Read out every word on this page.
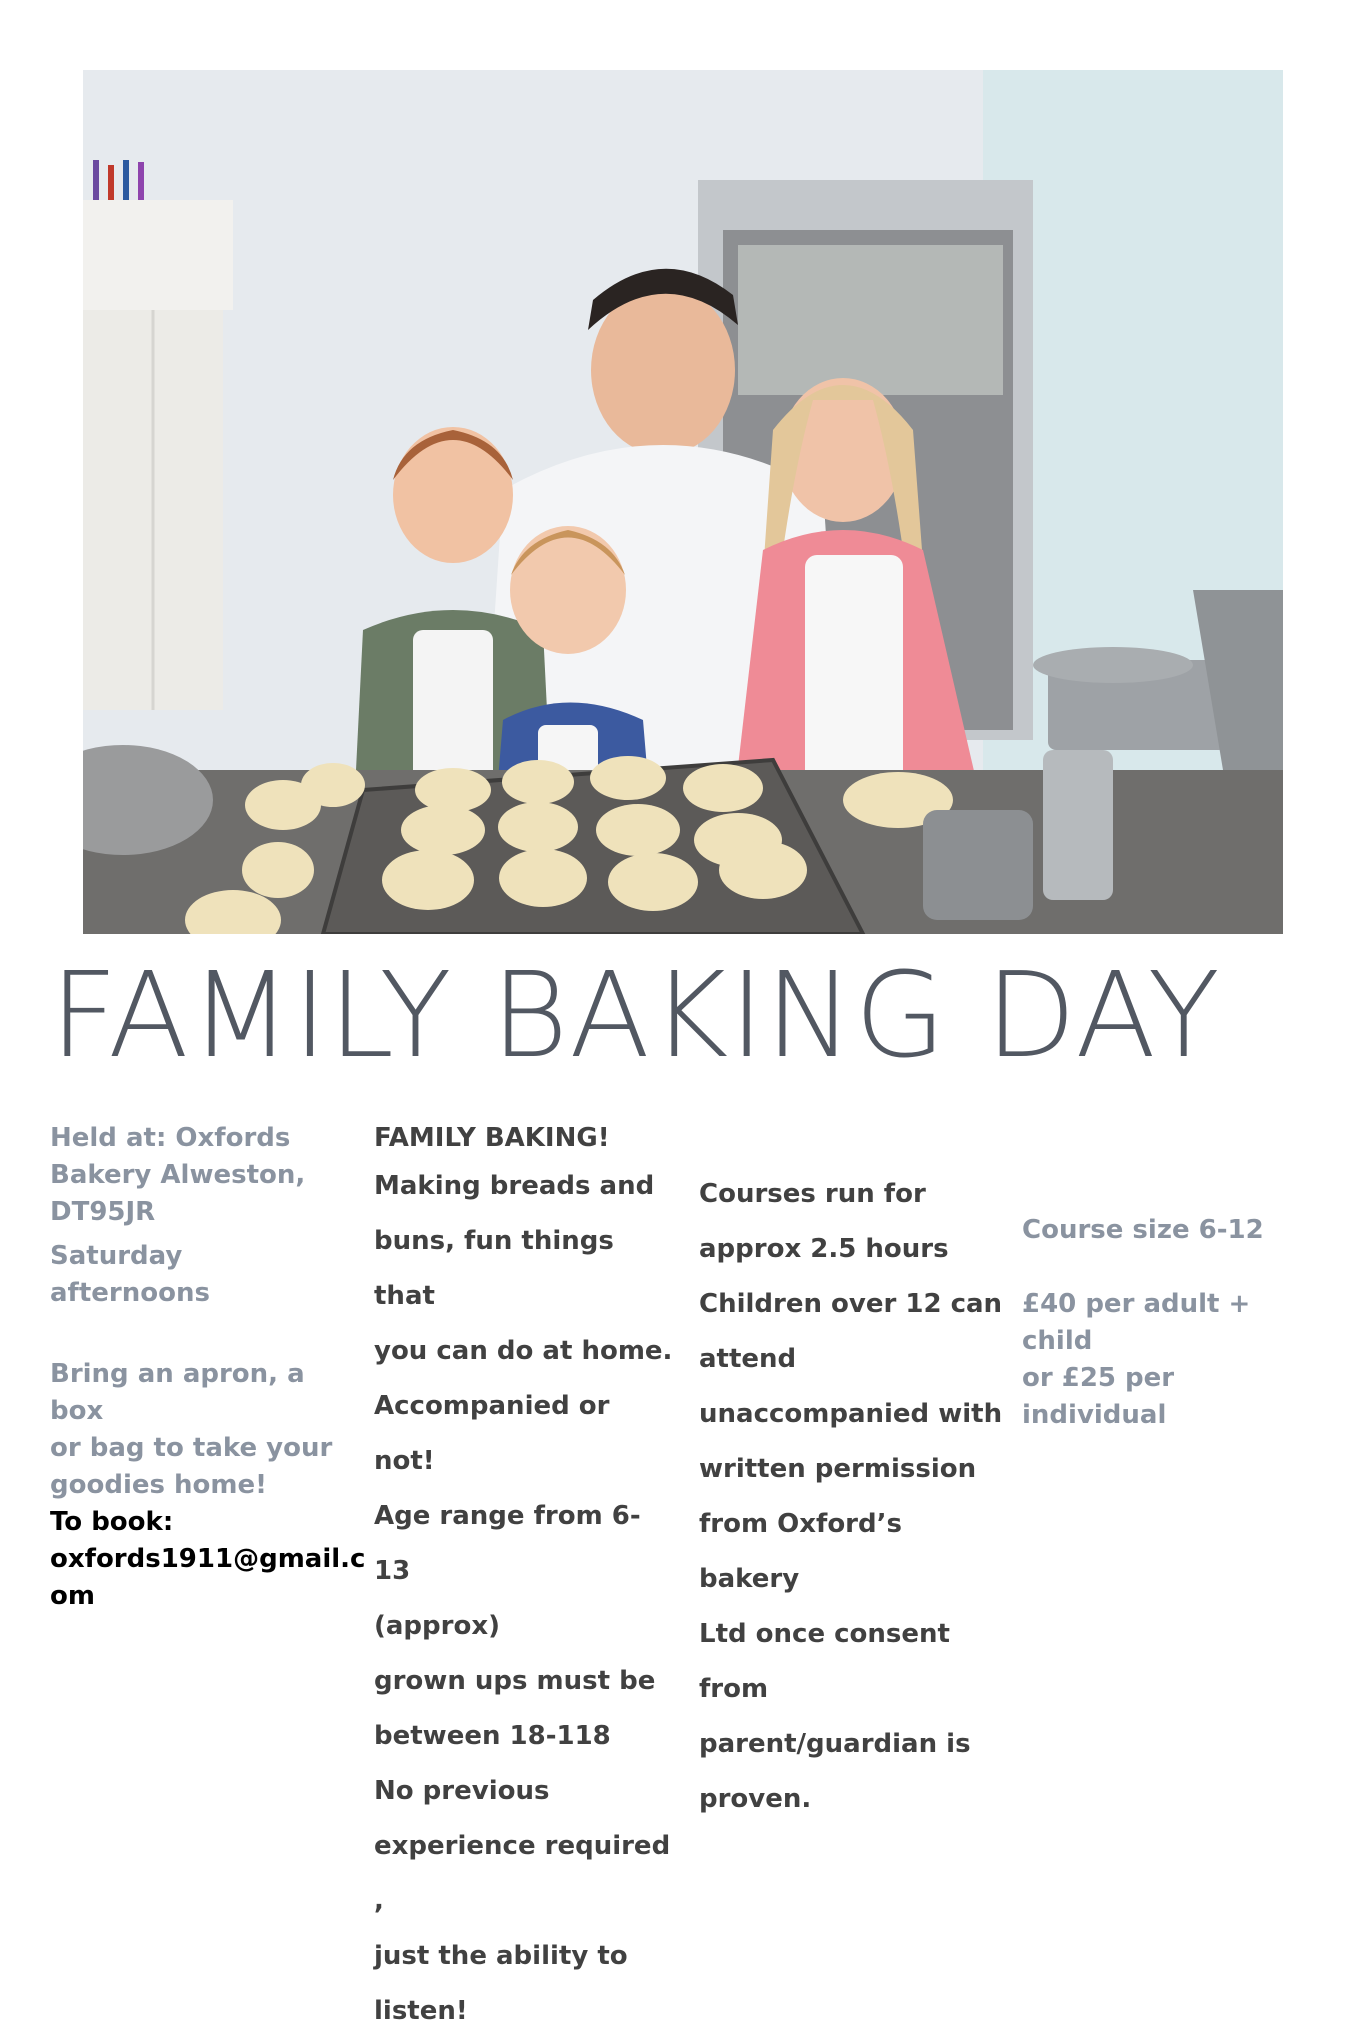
FAMILY BAKING DAY

Held at: Oxfords

Bakery Alweston,

DT95JR

Saturday afternoons

Bring an apron, a box

or bag to take your

goodies home!

To book:

oxfords1911@gmail.c

om

FAMILY BAKING!

Making breads and

buns, fun things that

you can do at home.

Accompanied or not!

Age range from 6-13

(approx)

grown ups must be

between 18-118

No previous

experience required ,

just the ability to

listen!

Courses run for

approx 2.5 hours

Children over 12 can

attend

unaccompanied with

written permission

from Oxford’s bakery

Ltd once consent from

parent/guardian is

proven.

Course size 6-12

£40 per adult + child

or £25 per individual
